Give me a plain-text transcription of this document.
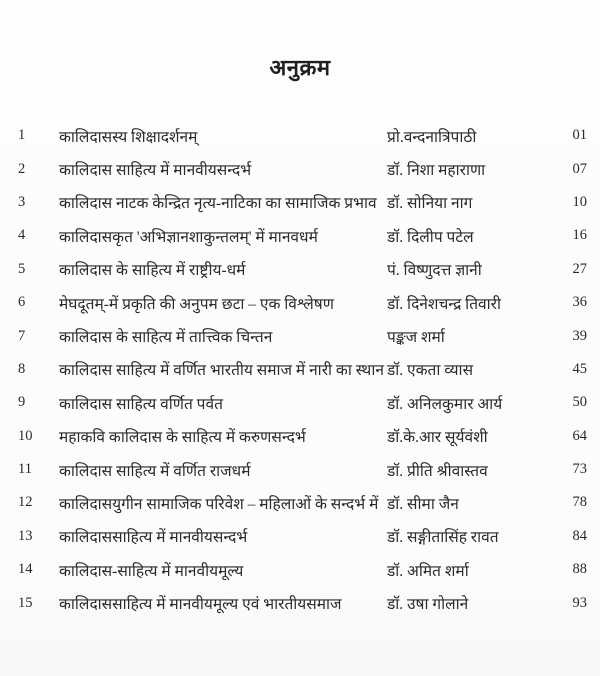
अनुक्रम
1	कालिदासस्य शिक्षादर्शनम्	प्रो.वन्दनात्रिपाठी	01
2	कालिदास साहित्य में मानवीयसन्दर्भ	डॉ. निशा महाराणा	07
3	कालिदास नाटक केन्द्रित नृत्य-नाटिका का सामाजिक प्रभाव डॉ. सोनिया नाग	10
4	कालिदासकृत 'अभिज्ञानशाकुन्तलम्' में मानवधर्म	डॉ. दिलीप पटेल	16
5	कालिदास के साहित्य में राष्ट्रीय-धर्म	पं. विष्णुदत्त ज्ञानी	27
6	मेघदूतम्-में प्रकृति की अनुपम छटा – एक विश्लेषण	डॉ. दिनेशचन्द्र तिवारी	36
7	कालिदास के साहित्य में तात्त्विक चिन्तन	पङ्कज शर्मा	39
8	कालिदास साहित्य में वर्णित भारतीय समाज में नारी का स्थान डॉ. एकता व्यास	45
9	कालिदास साहित्य वर्णित पर्वत	डॉ. अनिलकुमार आर्य	50
10	महाकवि कालिदास के साहित्य में करुणसन्दर्भ	डॉ.के.आर सूर्यवंशी	64
11	कालिदास साहित्य में वर्णित राजधर्म	डॉ. प्रीति श्रीवास्तव	73
12	कालिदासयुगीन सामाजिक परिवेश – महिलाओं के सन्दर्भ में डॉ. सीमा जैन	78
13	कालिदाससाहित्य में मानवीयसन्दर्भ	डॉ. सङ्गीतासिंह रावत	84
14	कालिदास-साहित्य में मानवीयमूल्य	डॉ. अमित शर्मा	88
15	कालिदाससाहित्य में मानवीयमूल्य एवं भारतीयसमाज	डॉ. उषा गोलाने	93
